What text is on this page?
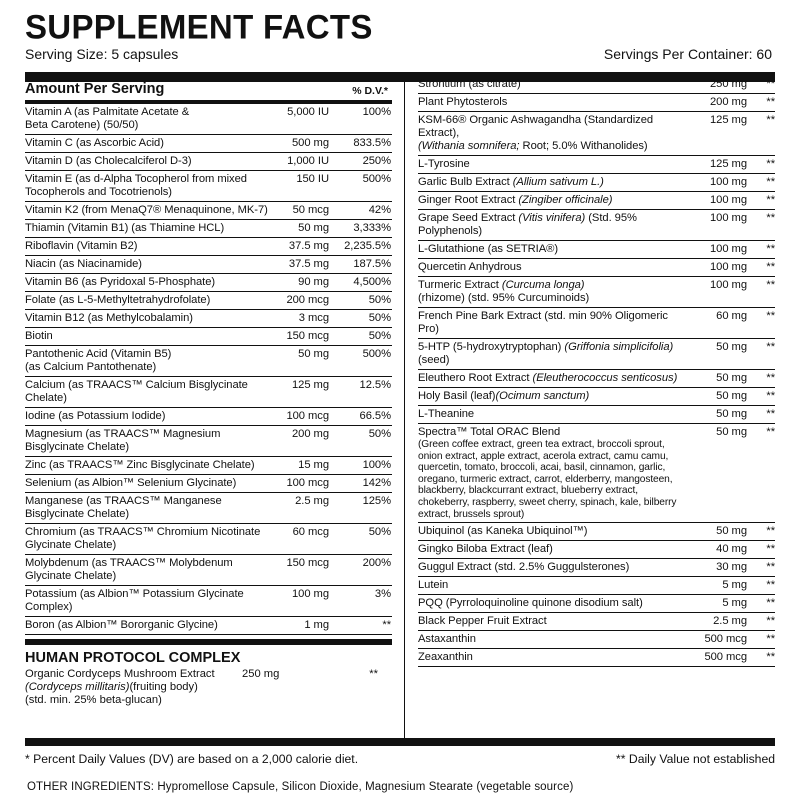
SUPPLEMENT FACTS
Serving Size: 5 capsules	Servings Per Container: 60
Amount Per Serving	% D.V.*
Vitamin A (as Palmitate Acetate &
Beta Carotene) (50/50)
5,000 IU	100%
Vitamin C (as Ascorbic Acid)	500 mg	833.5%
Vitamin D (as Cholecalciferol D-3)	1,000 IU	250%
Vitamin E (as d-Alpha Tocopherol from mixed
Tocopherols and Tocotrienols)
150 IU	500%
Vitamin K2 (from MenaQ7® Menaquinone, MK-7)	50 mcg	42%
Thiamin (Vitamin B1) (as Thiamine HCL)	50 mg	3,333%
Riboflavin (Vitamin B2)	37.5 mg	2,235.5%
Niacin (as Niacinamide)	37.5 mg	187.5%
Vitamin B6 (as Pyridoxal 5-Phosphate)	90 mg	4,500%
Folate (as L-5-Methyltetrahydrofolate)	200 mcg	50%
Vitamin B12 (as Methylcobalamin)	3 mcg	50%
Biotin	150 mcg	50%
Pantothenic Acid (Vitamin B5)
(as Calcium Pantothenate)
50 mg	500%
Calcium (as TRAACS™ Calcium Bisglycinate Chelate)
125 mg	12.5%
Iodine (as Potassium Iodide)	100 mcg	66.5%
Magnesium (as TRAACS™ Magnesium
Bisglycinate Chelate)
200 mg	50%
Zinc (as TRAACS™ Zinc Bisglycinate Chelate)	15 mg	100%
Selenium (as Albion™ Selenium Glycinate)	100 mcg	142%
Manganese (as TRAACS™ Manganese
Bisglycinate Chelate)
2.5 mg	125%
Chromium (as TRAACS™ Chromium Nicotinate
Glycinate Chelate)
60 mcg	50%
Molybdenum (as TRAACS™ Molybdenum
Glycinate Chelate)
150 mcg	200%
Potassium (as Albion™ Potassium Glycinate Complex)
100 mg	3%
Boron (as Albion™ Bororganic Glycine)	1 mg	**
HUMAN PROTOCOL COMPLEX
Organic Cordyceps Mushroom Extract
(Cordyceps millitaris)(fruiting body)
(std. min. 25% beta-glucan)
250 mg	**
Strontium (as citrate)	250 mg	**
Plant Phytosterols	200 mg	**
KSM-66® Organic Ashwagandha (Standardized Extract),
(Withania somnifera; Root; 5.0% Withanolides)
125 mg	**
L-Tyrosine	125 mg	**
Garlic Bulb Extract (Allium sativum L.)	100 mg	**
Ginger Root Extract (Zingiber officinale)	100 mg	**
Grape Seed Extract (Vitis vinifera) (Std. 95% Polyphenols)
100 mg	**
L-Glutathione (as SETRIA®)	100 mg	**
Quercetin Anhydrous	100 mg	**
Turmeric Extract (Curcuma longa)
(rhizome) (std. 95% Curcuminoids)
100 mg	**
French Pine Bark Extract (std. min 90% Oligomeric Pro)
60 mg	**
5-HTP (5-hydroxytryptophan) (Griffonia simplicifolia) (seed)
50 mg	**
Eleuthero Root Extract (Eleutherococcus senticosus)	50 mg	**
Holy Basil (leaf)(Ocimum sanctum)	50 mg	**
L-Theanine	50 mg	**
Spectra™ Total ORAC Blend
(Green coffee extract, green tea extract, broccoli sprout, onion extract, apple extract, acerola extract, camu camu, quercetin, tomato, broccoli, acai, basil, cinnamon, garlic, oregano, turmeric extract, carrot, elderberry, mangosteen, blackberry, blackcurrant extract, blueberry extract, chokeberry, raspberry, sweet cherry, spinach, kale, bilberry extract, brussels sprout)
50 mg	**
Ubiquinol (as Kaneka Ubiquinol™)	50 mg	**
Gingko Biloba Extract (leaf)	40 mg	**
Guggul Extract (std. 2.5% Guggulsterones)	30 mg	**
Lutein	5 mg	**
PQQ (Pyrroloquinoline quinone disodium salt)	5 mg	**
Black Pepper Fruit Extract	2.5 mg	**
Astaxanthin	500 mcg	**
Zeaxanthin	500 mcg	**
* Percent Daily Values (DV) are based on a 2,000 calorie diet.	** Daily Value not established
OTHER INGREDIENTS: Hypromellose Capsule, Silicon Dioxide, Magnesium Stearate (vegetable source)
